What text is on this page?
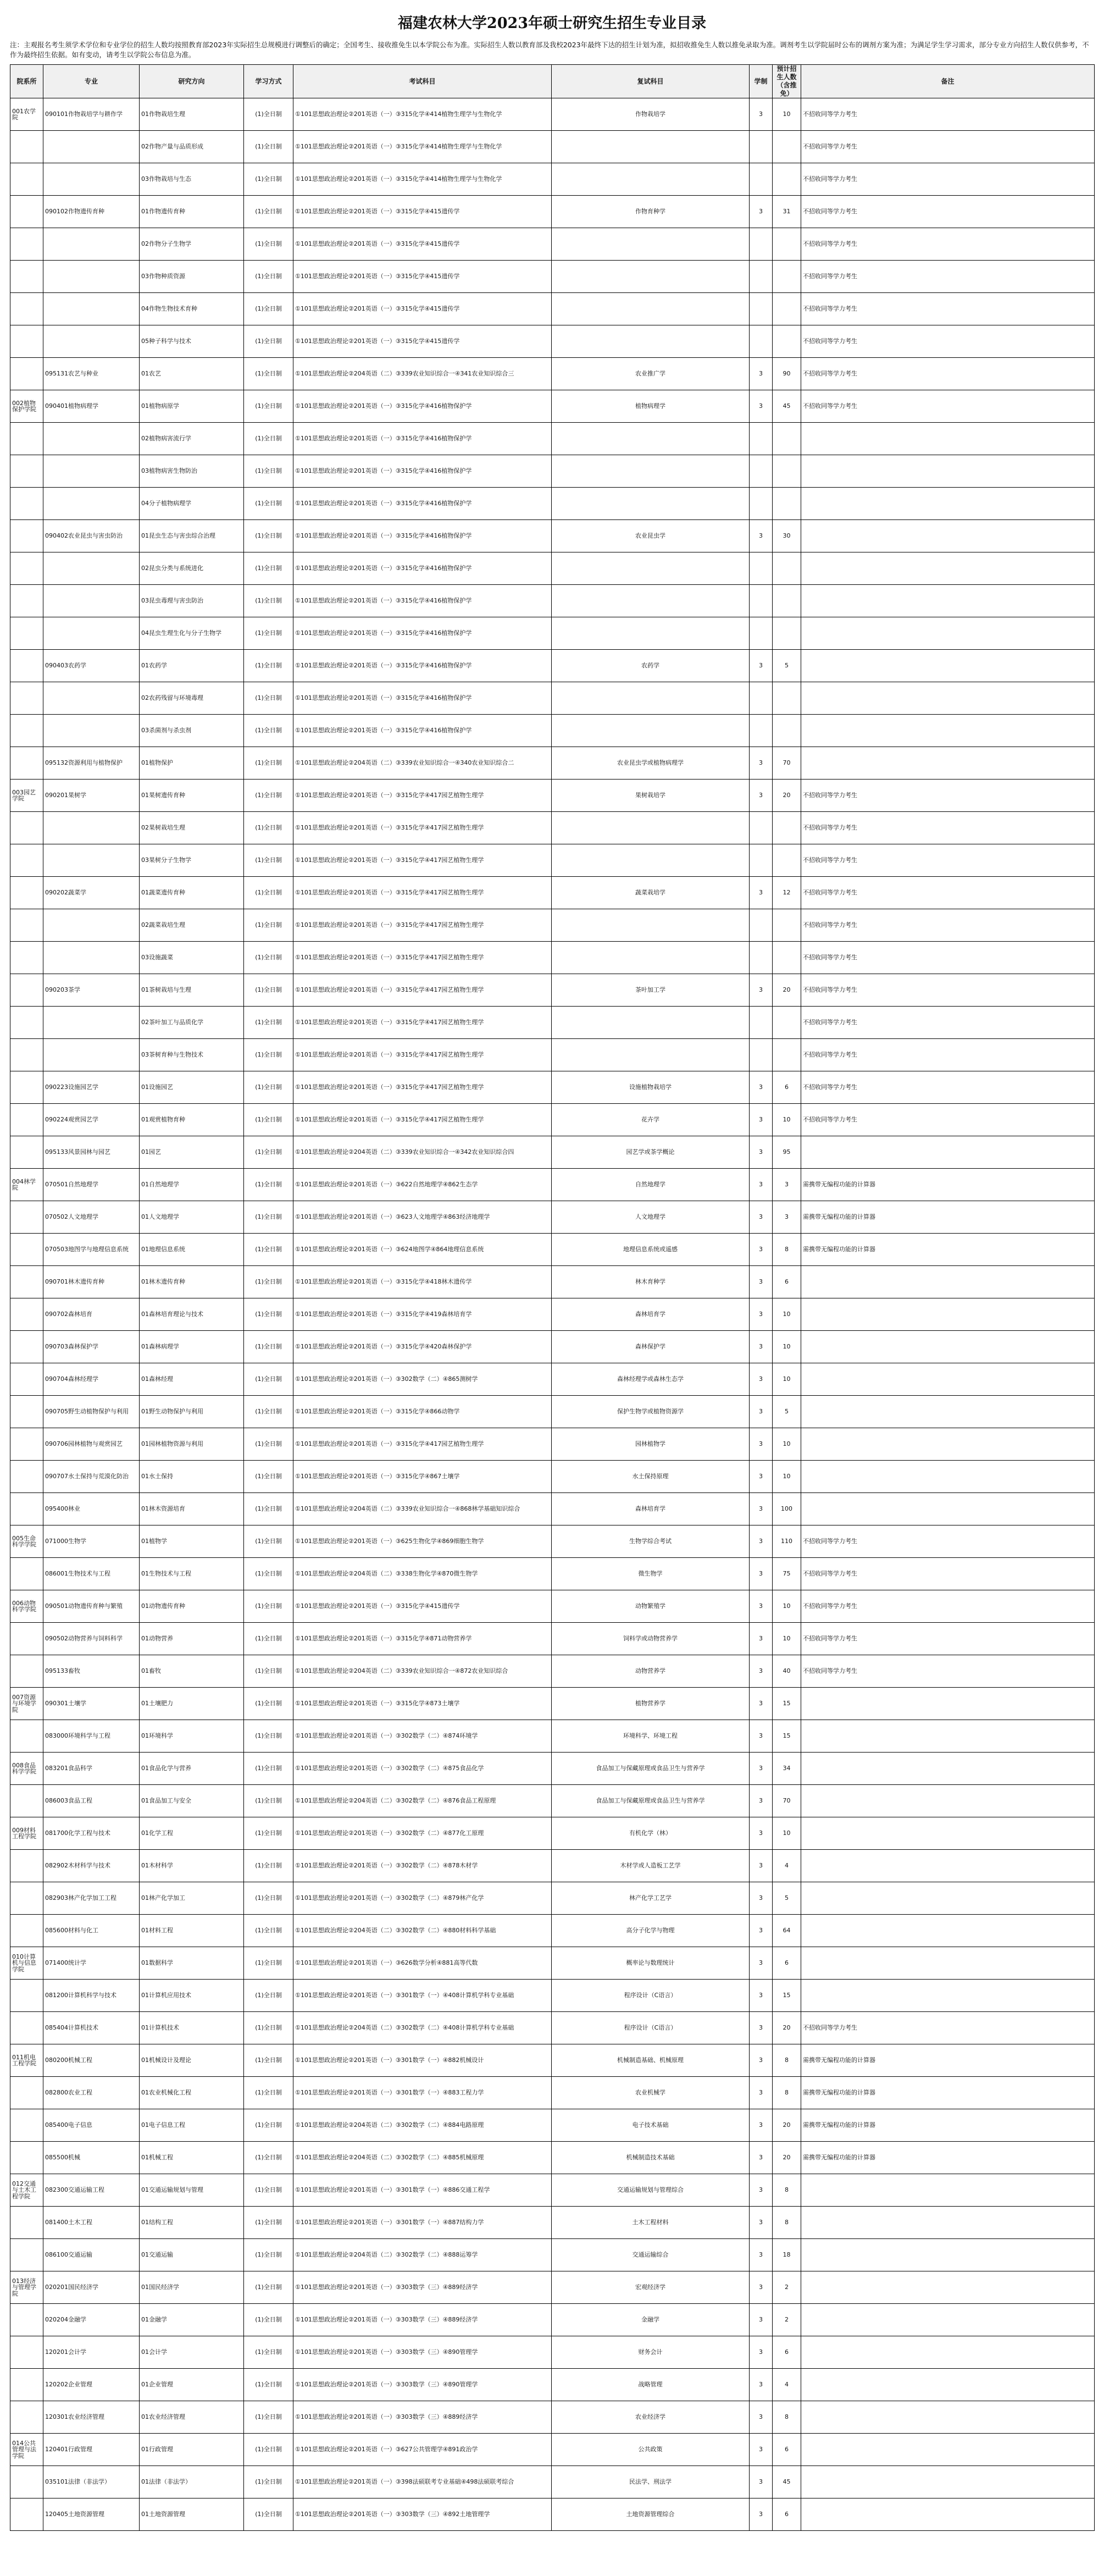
福建农林大学2023年硕士研究生招生专业目录
注：主观报名考生须学术学位和专业学位的招生人数均按照教育部2023年实际招生总规模进行调整后的确定；全国考生、接收推免生以本学院公布为准。实际招生人数以教育部及我校2023年最终下达的招生计划为准，拟招收推免生人数以推免录取为准。调剂考生以学院届时公布的调剂方案为准；为满足学生学习需求，部分专业方向招生人数仅供参考，不作为最终招生依据。如有变动，请考生以学院公布信息为准。
院系所	专业	研究方向	学习方式	考试科目	复试科目	学制	预计招生人数（含推免）	备注
001农学院	090101作物栽培学与耕作学	01作物栽培生理	(1)全日制	①101思想政治理论②201英语（一）③315化学④414植物生理学与生物化学	作物栽培学	3	10	不招收同等学力考生
		02作物产量与品质形成	(1)全日制	①101思想政治理论②201英语（一）③315化学④414植物生理学与生物化学				不招收同等学力考生
		03作物栽培与生态	(1)全日制	①101思想政治理论②201英语（一）③315化学④414植物生理学与生物化学				不招收同等学力考生
	090102作物遗传育种	01作物遗传育种	(1)全日制	①101思想政治理论②201英语（一）③315化学④415遗传学	作物育种学	3	31	不招收同等学力考生
		02作物分子生物学	(1)全日制	①101思想政治理论②201英语（一）③315化学④415遗传学				不招收同等学力考生
		03作物种质资源	(1)全日制	①101思想政治理论②201英语（一）③315化学④415遗传学				不招收同等学力考生
		04作物生物技术育种	(1)全日制	①101思想政治理论②201英语（一）③315化学④415遗传学				不招收同等学力考生
		05种子科学与技术	(1)全日制	①101思想政治理论②201英语（一）③315化学④415遗传学				不招收同等学力考生
	095131农艺与种业	01农艺	(1)全日制	①101思想政治理论②204英语（二）③339农业知识综合一④341农业知识综合三	农业推广学	3	90	不招收同等学力考生
002植物保护学院	090401植物病理学	01植物病原学	(1)全日制	①101思想政治理论②201英语（一）③315化学④416植物保护学	植物病理学	3	45	不招收同等学力考生
		02植物病害流行学	(1)全日制	①101思想政治理论②201英语（一）③315化学④416植物保护学				
		03植物病害生物防治	(1)全日制	①101思想政治理论②201英语（一）③315化学④416植物保护学				
		04分子植物病理学	(1)全日制	①101思想政治理论②201英语（一）③315化学④416植物保护学				
	090402农业昆虫与害虫防治	01昆虫生态与害虫综合治理	(1)全日制	①101思想政治理论②201英语（一）③315化学④416植物保护学	农业昆虫学	3	30	
		02昆虫分类与系统进化	(1)全日制	①101思想政治理论②201英语（一）③315化学④416植物保护学				
		03昆虫毒理与害虫防治	(1)全日制	①101思想政治理论②201英语（一）③315化学④416植物保护学				
		04昆虫生理生化与分子生物学	(1)全日制	①101思想政治理论②201英语（一）③315化学④416植物保护学				
	090403农药学	01农药学	(1)全日制	①101思想政治理论②201英语（一）③315化学④416植物保护学	农药学	3	5	
		02农药残留与环境毒理	(1)全日制	①101思想政治理论②201英语（一）③315化学④416植物保护学				
		03杀菌剂与杀虫剂	(1)全日制	①101思想政治理论②201英语（一）③315化学④416植物保护学				
	095132资源利用与植物保护	01植物保护	(1)全日制	①101思想政治理论②204英语（二）③339农业知识综合一④340农业知识综合二	农业昆虫学或植物病理学	3	70	
003园艺学院	090201果树学	01果树遗传育种	(1)全日制	①101思想政治理论②201英语（一）③315化学④417园艺植物生理学	果树栽培学	3	20	不招收同等学力考生
		02果树栽培生理	(1)全日制	①101思想政治理论②201英语（一）③315化学④417园艺植物生理学				不招收同等学力考生
		03果树分子生物学	(1)全日制	①101思想政治理论②201英语（一）③315化学④417园艺植物生理学				不招收同等学力考生
	090202蔬菜学	01蔬菜遗传育种	(1)全日制	①101思想政治理论②201英语（一）③315化学④417园艺植物生理学	蔬菜栽培学	3	12	不招收同等学力考生
		02蔬菜栽培生理	(1)全日制	①101思想政治理论②201英语（一）③315化学④417园艺植物生理学				不招收同等学力考生
		03设施蔬菜	(1)全日制	①101思想政治理论②201英语（一）③315化学④417园艺植物生理学				不招收同等学力考生
	090203茶学	01茶树栽培与生理	(1)全日制	①101思想政治理论②201英语（一）③315化学④417园艺植物生理学	茶叶加工学	3	20	不招收同等学力考生
		02茶叶加工与品质化学	(1)全日制	①101思想政治理论②201英语（一）③315化学④417园艺植物生理学				不招收同等学力考生
		03茶树育种与生物技术	(1)全日制	①101思想政治理论②201英语（一）③315化学④417园艺植物生理学				不招收同等学力考生
	090223设施园艺学	01设施园艺	(1)全日制	①101思想政治理论②201英语（一）③315化学④417园艺植物生理学	设施植物栽培学	3	6	不招收同等学力考生
	090224观赏园艺学	01观赏植物育种	(1)全日制	①101思想政治理论②201英语（一）③315化学④417园艺植物生理学	花卉学	3	10	不招收同等学力考生
	095133风景园林与园艺	01园艺	(1)全日制	①101思想政治理论②204英语（二）③339农业知识综合一④342农业知识综合四	园艺学或茶学概论	3	95	
004林学院	070501自然地理学	01自然地理学	(1)全日制	①101思想政治理论②201英语（一）③622自然地理学④862生态学	自然地理学	3	3	需携带无编程功能的计算器
	070502人文地理学	01人文地理学	(1)全日制	①101思想政治理论②201英语（一）③623人文地理学④863经济地理学	人文地理学	3	3	需携带无编程功能的计算器
	070503地图学与地理信息系统	01地理信息系统	(1)全日制	①101思想政治理论②201英语（一）③624地图学④864地理信息系统	地理信息系统或遥感	3	8	需携带无编程功能的计算器
	090701林木遗传育种	01林木遗传育种	(1)全日制	①101思想政治理论②201英语（一）③315化学④418林木遗传学	林木育种学	3	6	
	090702森林培育	01森林培育理论与技术	(1)全日制	①101思想政治理论②201英语（一）③315化学④419森林培育学	森林培育学	3	10	
	090703森林保护学	01森林病理学	(1)全日制	①101思想政治理论②201英语（一）③315化学④420森林保护学	森林保护学	3	10	
	090704森林经理学	01森林经理	(1)全日制	①101思想政治理论②201英语（一）③302数学（二）④865测树学	森林经理学或森林生态学	3	10	
	090705野生动植物保护与利用	01野生动物保护与利用	(1)全日制	①101思想政治理论②201英语（一）③315化学④866动物学	保护生物学或植物资源学	3	5	
	090706园林植物与观赏园艺	01园林植物资源与利用	(1)全日制	①101思想政治理论②201英语（一）③315化学④417园艺植物生理学	园林植物学	3	10	
	090707水土保持与荒漠化防治	01水土保持	(1)全日制	①101思想政治理论②201英语（一）③315化学④867土壤学	水土保持原理	3	10	
	095400林业	01林木资源培育	(1)全日制	①101思想政治理论②204英语（二）③339农业知识综合一④868林学基础知识综合	森林培育学	3	100	
005生命科学学院	071000生物学	01植物学	(1)全日制	①101思想政治理论②201英语（一）③625生物化学④869细胞生物学	生物学综合考试	3	110	不招收同等学力考生
	086001生物技术与工程	01生物技术与工程	(1)全日制	①101思想政治理论②204英语（二）③338生物化学④870微生物学	微生物学	3	75	不招收同等学力考生
006动物科学学院	090501动物遗传育种与繁殖	01动物遗传育种	(1)全日制	①101思想政治理论②201英语（一）③315化学④415遗传学	动物繁殖学	3	10	不招收同等学力考生
	090502动物营养与饲料科学	01动物营养	(1)全日制	①101思想政治理论②201英语（一）③315化学④871动物营养学	饲料学或动物营养学	3	10	不招收同等学力考生
	095133畜牧	01畜牧	(1)全日制	①101思想政治理论②204英语（二）③339农业知识综合一④872农业知识综合	动物营养学	3	40	不招收同等学力考生
007资源与环境学院	090301土壤学	01土壤肥力	(1)全日制	①101思想政治理论②201英语（一）③315化学④873土壤学	植物营养学	3	15	
	083000环境科学与工程	01环境科学	(1)全日制	①101思想政治理论②201英语（一）③302数学（二）④874环境学	环境科学、环境工程	3	15	
008食品科学学院	083201食品科学	01食品化学与营养	(1)全日制	①101思想政治理论②201英语（一）③302数学（二）④875食品化学	食品加工与保藏原理或食品卫生与营养学	3	34	
	086003食品工程	01食品加工与安全	(1)全日制	①101思想政治理论②204英语（二）③302数学（二）④876食品工程原理	食品加工与保藏原理或食品卫生与营养学	3	70	
009材料工程学院	081700化学工程与技术	01化学工程	(1)全日制	①101思想政治理论②201英语（一）③302数学（二）④877化工原理	有机化学（林）	3	10	
	082902木材科学与技术	01木材科学	(1)全日制	①101思想政治理论②201英语（一）③302数学（二）④878木材学	木材学或人造板工艺学	3	4	
	082903林产化学加工工程	01林产化学加工	(1)全日制	①101思想政治理论②201英语（一）③302数学（二）④879林产化学	林产化学工艺学	3	5	
	085600材料与化工	01材料工程	(1)全日制	①101思想政治理论②204英语（二）③302数学（二）④880材料科学基础	高分子化学与物理	3	64	
010计算机与信息学院	071400统计学	01数据科学	(1)全日制	①101思想政治理论②201英语（一）③626数学分析④881高等代数	概率论与数理统计	3	6	
	081200计算机科学与技术	01计算机应用技术	(1)全日制	①101思想政治理论②201英语（一）③301数学（一）④408计算机学科专业基础	程序设计（C语言）	3	15	
	085404计算机技术	01计算机技术	(1)全日制	①101思想政治理论②204英语（二）③302数学（二）④408计算机学科专业基础	程序设计（C语言）	3	20	不招收同等学力考生
011机电工程学院	080200机械工程	01机械设计及理论	(1)全日制	①101思想政治理论②201英语（一）③301数学（一）④882机械设计	机械制造基础、机械原理	3	8	需携带无编程功能的计算器
	082800农业工程	01农业机械化工程	(1)全日制	①101思想政治理论②201英语（一）③301数学（一）④883工程力学	农业机械学	3	8	需携带无编程功能的计算器
	085400电子信息	01电子信息工程	(1)全日制	①101思想政治理论②204英语（二）③302数学（二）④884电路原理	电子技术基础	3	20	需携带无编程功能的计算器
	085500机械	01机械工程	(1)全日制	①101思想政治理论②204英语（二）③302数学（二）④885机械原理	机械制造技术基础	3	20	需携带无编程功能的计算器
012交通与土木工程学院	082300交通运输工程	01交通运输规划与管理	(1)全日制	①101思想政治理论②201英语（一）③301数学（一）④886交通工程学	交通运输规划与管理综合	3	8	
	081400土木工程	01结构工程	(1)全日制	①101思想政治理论②201英语（一）③301数学（一）④887结构力学	土木工程材料	3	8	
	086100交通运输	01交通运输	(1)全日制	①101思想政治理论②204英语（二）③302数学（二）④888运筹学	交通运输综合	3	18	
013经济与管理学院	020201国民经济学	01国民经济学	(1)全日制	①101思想政治理论②201英语（一）③303数学（三）④889经济学	宏观经济学	3	2	
	020204金融学	01金融学	(1)全日制	①101思想政治理论②201英语（一）③303数学（三）④889经济学	金融学	3	2	
	120201会计学	01会计学	(1)全日制	①101思想政治理论②201英语（一）③303数学（三）④890管理学	财务会计	3	6	
	120202企业管理	01企业管理	(1)全日制	①101思想政治理论②201英语（一）③303数学（三）④890管理学	战略管理	3	4	
	120301农业经济管理	01农业经济管理	(1)全日制	①101思想政治理论②201英语（一）③303数学（三）④889经济学	农业经济学	3	8	
014公共管理与法学院	120401行政管理	01行政管理	(1)全日制	①101思想政治理论②201英语（一）③627公共管理学④891政治学	公共政策	3	6	
	035101法律（非法学）	01法律（非法学）	(1)全日制	①101思想政治理论②201英语（一）③398法硕联考专业基础④498法硕联考综合	民法学、刑法学	3	45	
	120405土地资源管理	01土地资源管理	(1)全日制	①101思想政治理论②201英语（一）③303数学（三）④892土地管理学	土地资源管理综合	3	6	
